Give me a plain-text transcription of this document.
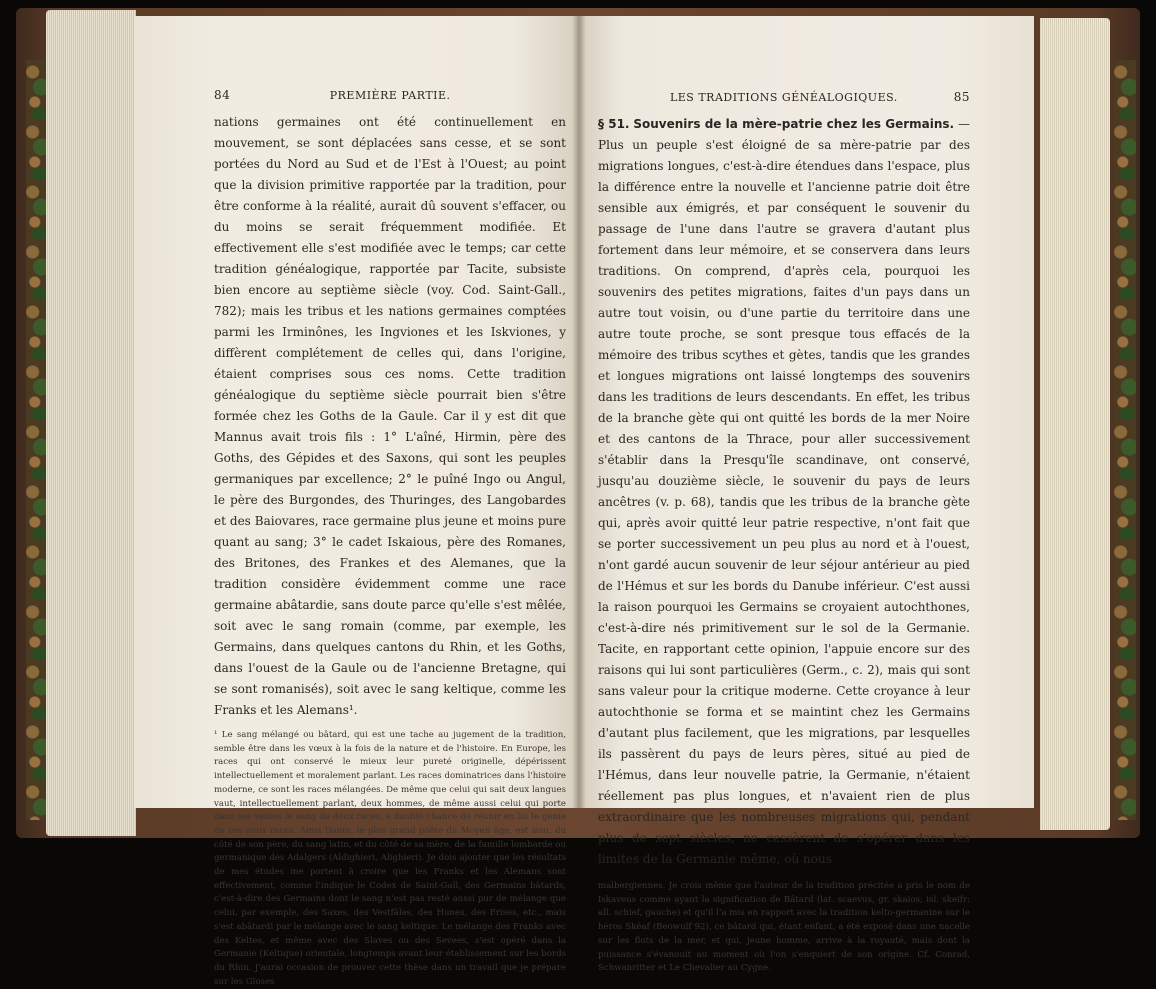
84	PREMIÈRE PARTIE.

nations germaines ont été continuellement en mouvement, se sont déplacées sans cesse, et se sont portées du Nord au Sud et de l'Est à l'Ouest; au point que la division primitive rapportée par la tradition, pour être conforme à la réalité, aurait dû souvent s'effacer, ou du moins se serait fréquemment modifiée. Et effectivement elle s'est modifiée avec le temps; car cette tradition généalogique, rapportée par Tacite, subsiste bien encore au septième siècle (voy. Cod. Saint-Gall., 782); mais les tribus et les nations germaines comptées parmi les Irminônes, les Ingviones et les Iskviones, y diffèrent complétement de celles qui, dans l'origine, étaient comprises sous ces noms. Cette tradition généalogique du septième siècle pourrait bien s'être formée chez les Goths de la Gaule. Car il y est dit que Mannus avait trois fils : 1° L'aîné, Hirmin, père des Goths, des Gépides et des Saxons, qui sont les peuples germaniques par excellence; 2° le puîné Ingo ou Angul, le père des Burgondes, des Thuringes, des Langobardes et des Baiovares, race germaine plus jeune et moins pure quant au sang; 3° le cadet Iskaious, père des Romanes, des Britones, des Frankes et des Alemanes, que la tradition considère évidemment comme une race germaine abâtardie, sans doute parce qu'elle s'est mêlée, soit avec le sang romain (comme, par exemple, les Germains, dans quelques cantons du Rhin, et les Goths, dans l'ouest de la Gaule ou de l'ancienne Bretagne, qui se sont romanisés), soit avec le sang keltique, comme les Franks et les Alemans¹.

¹ Le sang mélangé ou bâtard, qui est une tache au jugement de la tradition, semble être dans les vœux à la fois de la nature et de l'histoire. En Europe, les races qui ont conservé le mieux leur pureté originelle, dépérissent intellectuellement et moralement parlant. Les races dominatrices dans l'histoire moderne, ce sont les races mélangées. De même que celui qui sait deux langues vaut, intellectuellement parlant, deux hommes, de même aussi celui qui porte dans ses veines le sang de deux races, a double chance de réunir en lui le génie de ces deux races. Ainsi Dante, le plus grand poëte du Moyen âge, est issu, du côté de son père, du sang latin, et du côté de sa mère, de la famille lombarde ou germanique des Adalgers (Aldighieri, Alighieri). Je dois ajouter que les résultats de mes études me portent à croire que les Franks et les Alemans sont effectivement, comme l'indique le Codex de Saint-Gall, des Germains bâtards, c'est-à-dire des Germains dont le sang n'est pas resté aussi pur de mélange que celui, par exemple, des Saxes, des Vestfâles, des Hunes, des Frises, etc., mais s'est abâtardi par le mélange avec le sang keltique. Le mélange des Franks avec des Keltes, et même avec des Slaves ou des Sevees, s'est opéré dans la Germanie (Keltique) orientale, longtemps avant leur établissement sur les bords du Rhin. J'aurai occasion de prouver cette thèse dans un travail que je prépare sur les Gloses

LES TRADITIONS GÉNÉALOGIQUES.	85

§ 51. Souvenirs de la mère-patrie chez les Germains. — Plus un peuple s'est éloigné de sa mère-patrie par des migrations longues, c'est-à-dire étendues dans l'espace, plus la différence entre la nouvelle et l'ancienne patrie doit être sensible aux émigrés, et par conséquent le souvenir du passage de l'une dans l'autre se gravera d'autant plus fortement dans leur mémoire, et se conservera dans leurs traditions. On comprend, d'après cela, pourquoi les souvenirs des petites migrations, faites d'un pays dans un autre tout voisin, ou d'une partie du territoire dans une autre toute proche, se sont presque tous effacés de la mémoire des tribus scythes et gètes, tandis que les grandes et longues migrations ont laissé longtemps des souvenirs dans les traditions de leurs descendants. En effet, les tribus de la branche gète qui ont quitté les bords de la mer Noire et des cantons de la Thrace, pour aller successivement s'établir dans la Presqu'île scandinave, ont conservé, jusqu'au douzième siècle, le souvenir du pays de leurs ancêtres (v. p. 68), tandis que les tribus de la branche gète qui, après avoir quitté leur patrie respective, n'ont fait que se porter successivement un peu plus au nord et à l'ouest, n'ont gardé aucun souvenir de leur séjour antérieur au pied de l'Hémus et sur les bords du Danube inférieur. C'est aussi la raison pourquoi les Germains se croyaient autochthones, c'est-à-dire nés primitivement sur le sol de la Germanie. Tacite, en rapportant cette opinion, l'appuie encore sur des raisons qui lui sont particulières (Germ., c. 2), mais qui sont sans valeur pour la critique moderne. Cette croyance à leur autochthonie se forma et se maintint chez les Germains d'autant plus facilement, que les migrations, par lesquelles ils passèrent du pays de leurs pères, situé au pied de l'Hémus, dans leur nouvelle patrie, la Germanie, n'étaient réellement pas plus longues, et n'avaient rien de plus extraordinaire que les nombreuses migrations qui, pendant plus de sept siècles, ne cessèrent de s'opérer dans les limites de la Germanie même, où nous

malbergiennes. Je crois même que l'auteur de la tradition précitée a pris le nom de Iskaveus comme ayant la signification de Bâtard (lat. scaevus, gr. skaios; isl. skeifr; all. schief, gauche) et qu'il l'a mis en rapport avec la tradition kelto-germanine sur le héros Skéaf (Beowulf 92), ce bâtard qui, étant enfant, a été exposé dans une nacelle sur les flots de la mer, et qui, jeune homme, arrive à la royauté, mais dont la puissance s'évanouit au moment où l'on s'enquiert de son origine. Cf. Conrad, Schwanritter et Le Chevalier au Cygne.
